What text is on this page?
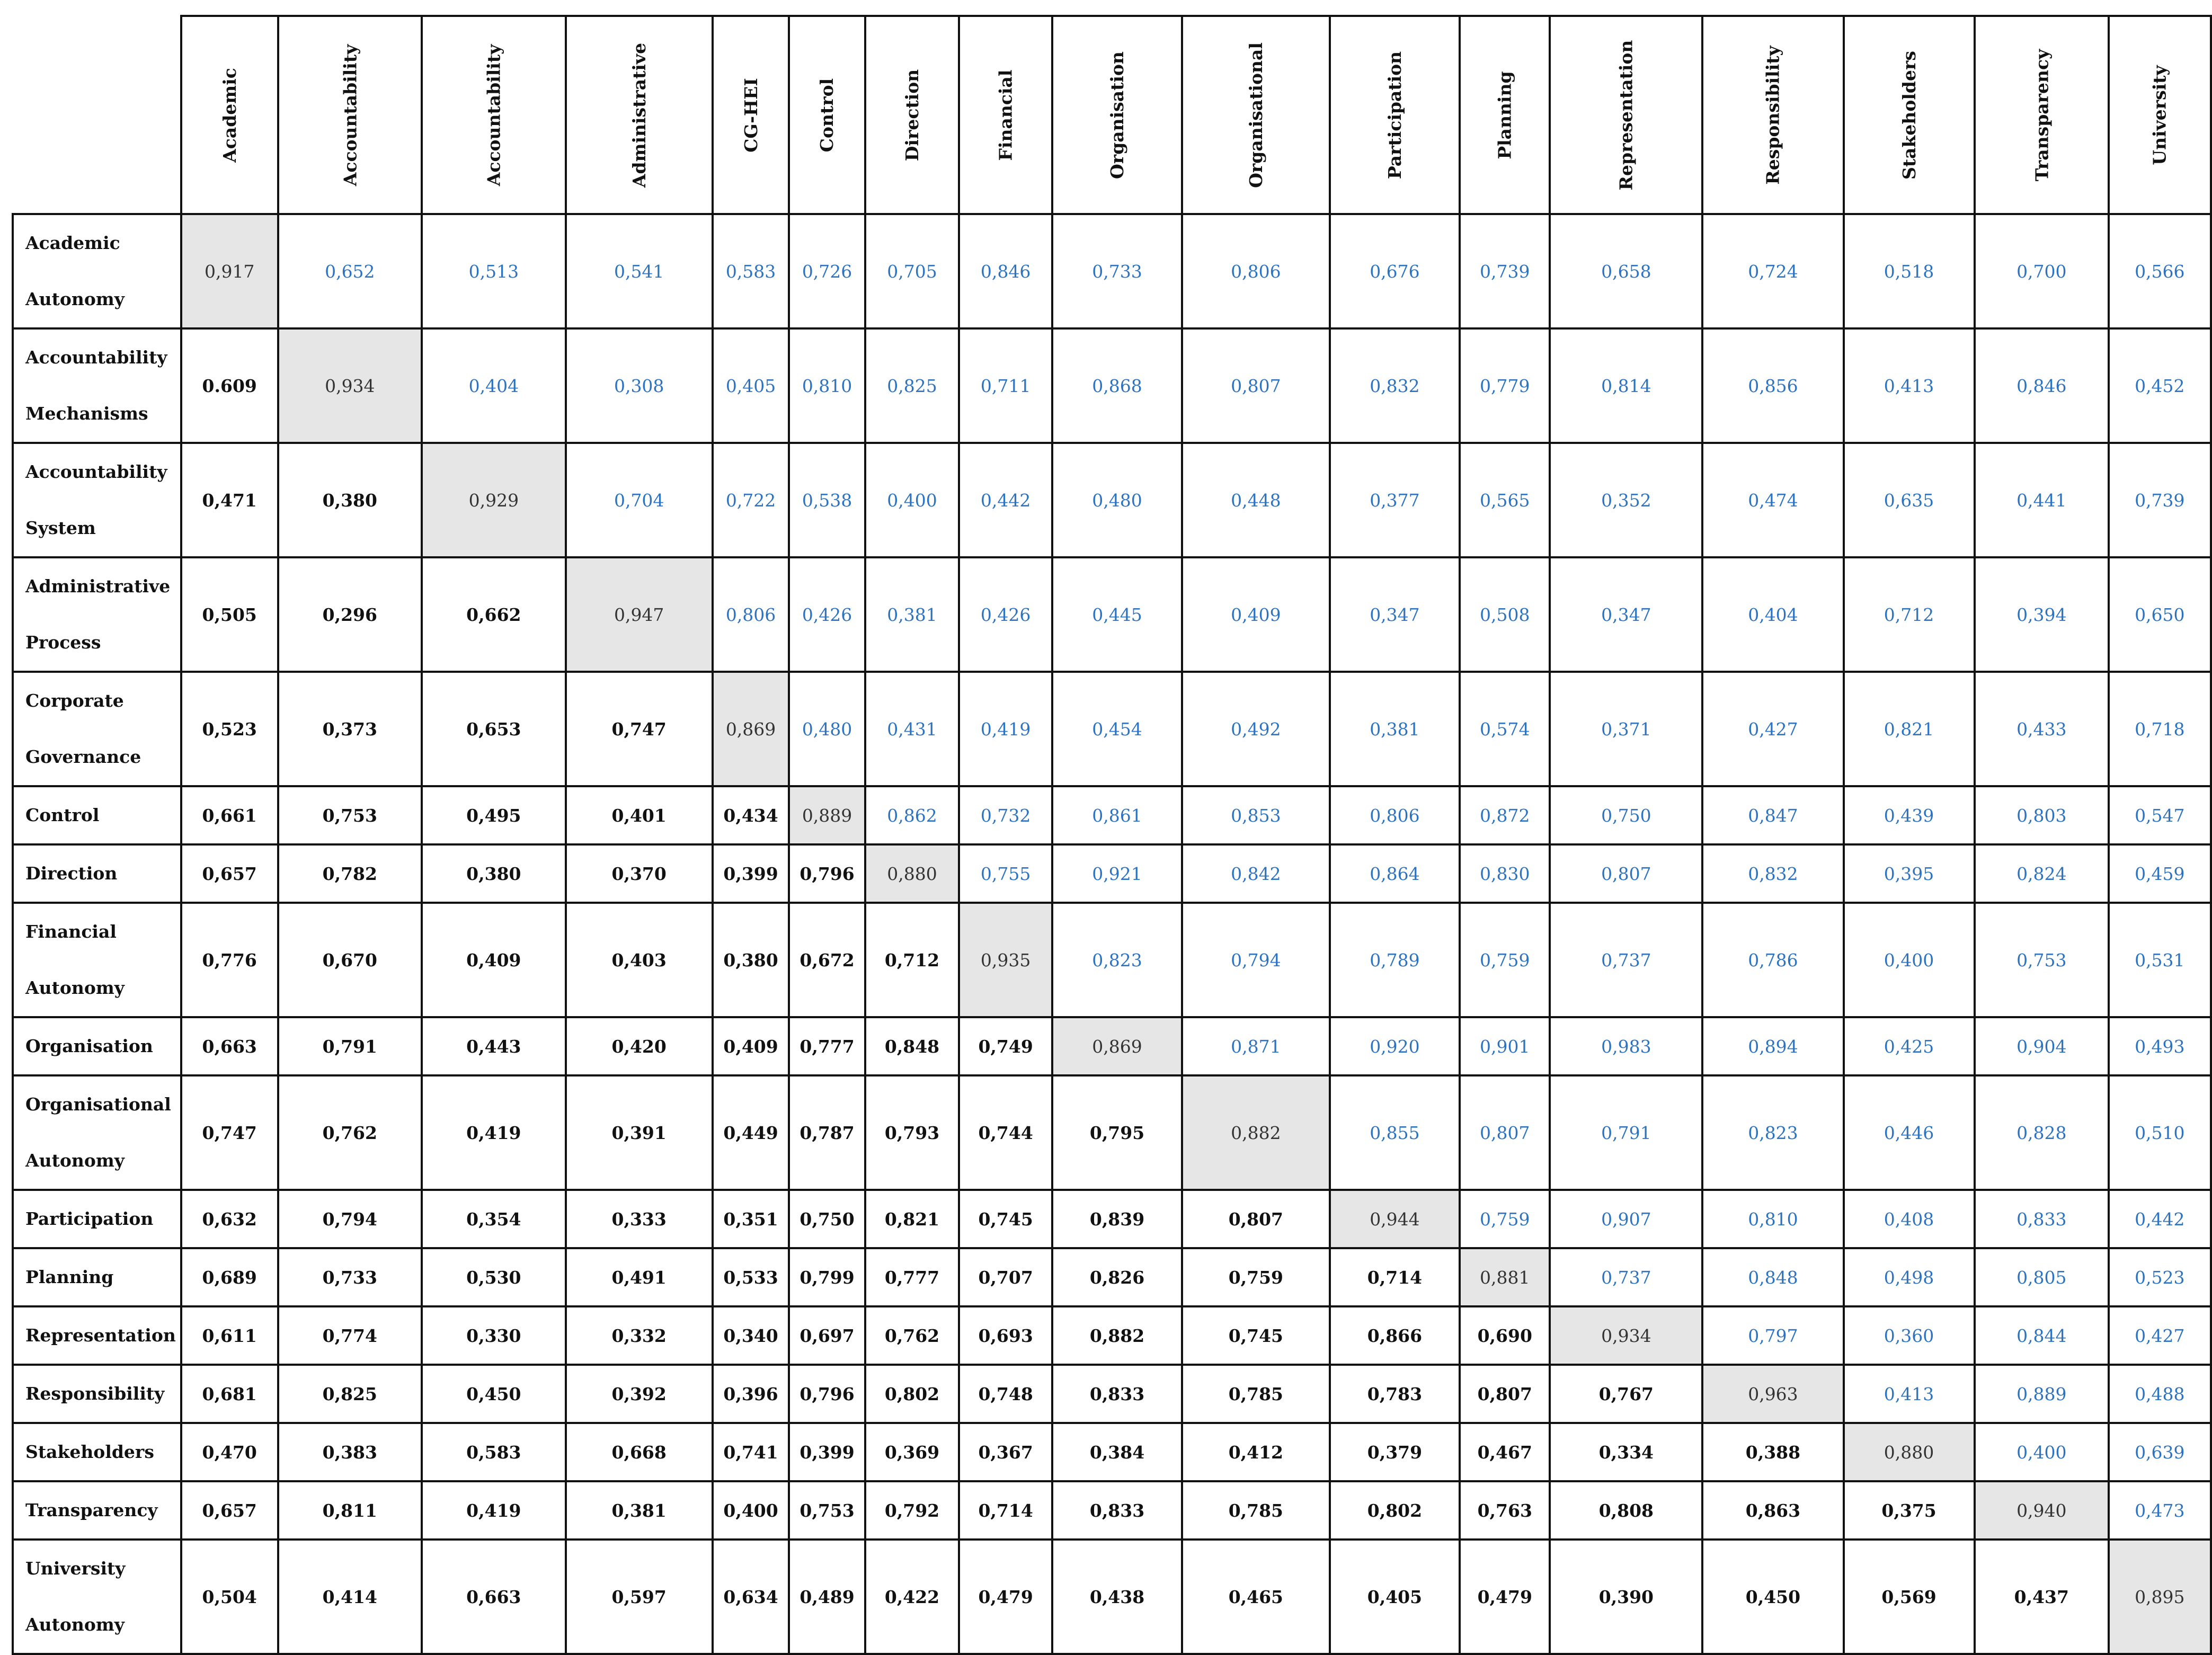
	Academic	Accountability	Accountability	Administrative	CG-HEI	Control	Direction	Financial	Organisation	Organisational	Participation	Planning	Representation	Responsibility	Stakeholders	Transparency	University
Academic Autonomy	0,917	0,652	0,513	0,541	0,583	0,726	0,705	0,846	0,733	0,806	0,676	0,739	0,658	0,724	0,518	0,700	0,566
Accountability Mechanisms	0.609	0,934	0,404	0,308	0,405	0,810	0,825	0,711	0,868	0,807	0,832	0,779	0,814	0,856	0,413	0,846	0,452
Accountability System	0,471	0,380	0,929	0,704	0,722	0,538	0,400	0,442	0,480	0,448	0,377	0,565	0,352	0,474	0,635	0,441	0,739
Administrative Process	0,505	0,296	0,662	0,947	0,806	0,426	0,381	0,426	0,445	0,409	0,347	0,508	0,347	0,404	0,712	0,394	0,650
Corporate Governance	0,523	0,373	0,653	0,747	0,869	0,480	0,431	0,419	0,454	0,492	0,381	0,574	0,371	0,427	0,821	0,433	0,718
Control	0,661	0,753	0,495	0,401	0,434	0,889	0,862	0,732	0,861	0,853	0,806	0,872	0,750	0,847	0,439	0,803	0,547
Direction	0,657	0,782	0,380	0,370	0,399	0,796	0,880	0,755	0,921	0,842	0,864	0,830	0,807	0,832	0,395	0,824	0,459
Financial Autonomy	0,776	0,670	0,409	0,403	0,380	0,672	0,712	0,935	0,823	0,794	0,789	0,759	0,737	0,786	0,400	0,753	0,531
Organisation	0,663	0,791	0,443	0,420	0,409	0,777	0,848	0,749	0,869	0,871	0,920	0,901	0,983	0,894	0,425	0,904	0,493
Organisational Autonomy	0,747	0,762	0,419	0,391	0,449	0,787	0,793	0,744	0,795	0,882	0,855	0,807	0,791	0,823	0,446	0,828	0,510
Participation	0,632	0,794	0,354	0,333	0,351	0,750	0,821	0,745	0,839	0,807	0,944	0,759	0,907	0,810	0,408	0,833	0,442
Planning	0,689	0,733	0,530	0,491	0,533	0,799	0,777	0,707	0,826	0,759	0,714	0,881	0,737	0,848	0,498	0,805	0,523
Representation	0,611	0,774	0,330	0,332	0,340	0,697	0,762	0,693	0,882	0,745	0,866	0,690	0,934	0,797	0,360	0,844	0,427
Responsibility	0,681	0,825	0,450	0,392	0,396	0,796	0,802	0,748	0,833	0,785	0,783	0,807	0,767	0,963	0,413	0,889	0,488
Stakeholders	0,470	0,383	0,583	0,668	0,741	0,399	0,369	0,367	0,384	0,412	0,379	0,467	0,334	0,388	0,880	0,400	0,639
Transparency	0,657	0,811	0,419	0,381	0,400	0,753	0,792	0,714	0,833	0,785	0,802	0,763	0,808	0,863	0,375	0,940	0,473
University Autonomy	0,504	0,414	0,663	0,597	0,634	0,489	0,422	0,479	0,438	0,465	0,405	0,479	0,390	0,450	0,569	0,437	0,895
